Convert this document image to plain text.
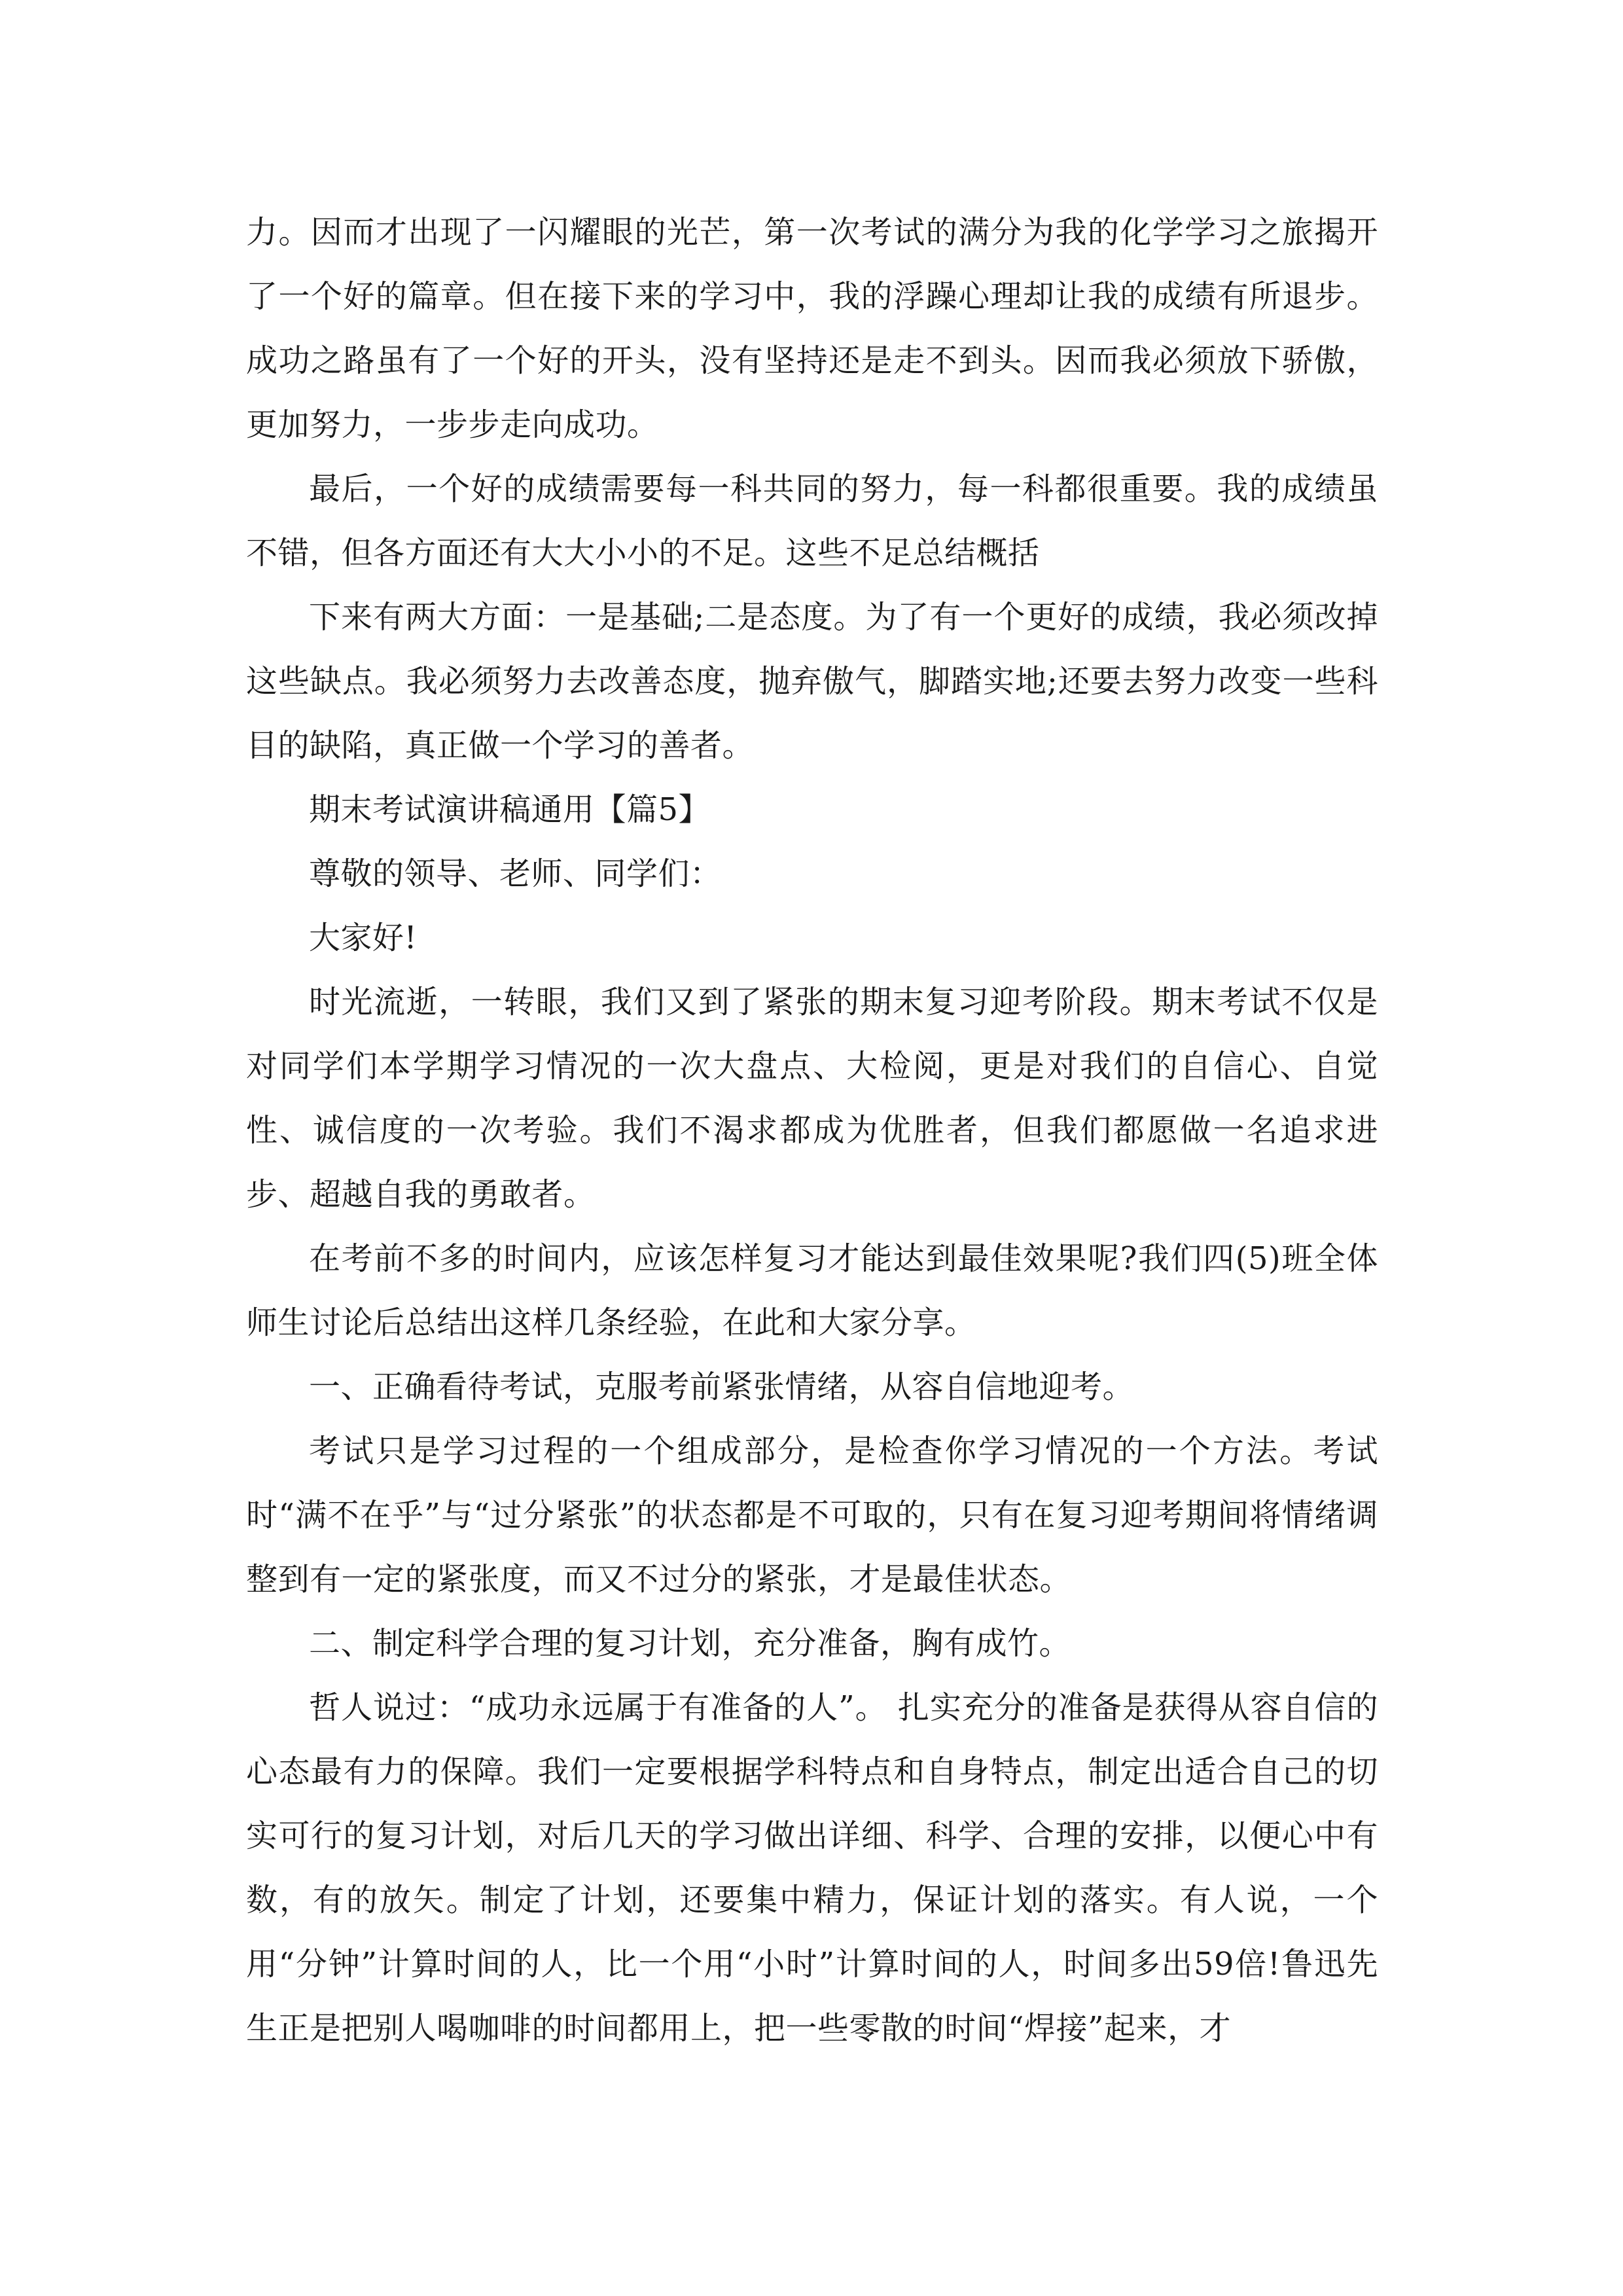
力。因而才出现了一闪耀眼的光芒，第一次考试的满分为我的化学学习之旅揭开了一个好的篇章。但在接下来的学习中，我的浮躁心理却让我的成绩有所退步。成功之路虽有了一个好的开头，没有坚持还是走不到头。因而我必须放下骄傲，更加努力，一步步走向成功。

最后，一个好的成绩需要每一科共同的努力，每一科都很重要。我的成绩虽不错，但各方面还有大大小小的不足。这些不足总结概括

下来有两大方面：一是基础;二是态度。为了有一个更好的成绩，我必须改掉这些缺点。我必须努力去改善态度，抛弃傲气，脚踏实地;还要去努力改变一些科目的缺陷，真正做一个学习的善者。

期末考试演讲稿通用【篇5】

尊敬的领导、老师、同学们：

大家好!

时光流逝，一转眼，我们又到了紧张的期末复习迎考阶段。期末考试不仅是对同学们本学期学习情况的一次大盘点、大检阅，更是对我们的自信心、自觉性、诚信度的一次考验。我们不渴求都成为优胜者，但我们都愿做一名追求进步、超越自我的勇敢者。

在考前不多的时间内，应该怎样复习才能达到最佳效果呢?我们四(5)班全体师生讨论后总结出这样几条经验，在此和大家分享。

一、正确看待考试，克服考前紧张情绪，从容自信地迎考。

考试只是学习过程的一个组成部分，是检查你学习情况的一个方法。考试时“满不在乎”与“过分紧张”的状态都是不可取的，只有在复习迎考期间将情绪调整到有一定的紧张度，而又不过分的紧张，才是最佳状态。

二、制定科学合理的复习计划，充分准备，胸有成竹。

哲人说过：“成功永远属于有准备的人”。 扎实充分的准备是获得从容自信的心态最有力的保障。我们一定要根据学科特点和自身特点，制定出适合自己的切实可行的复习计划，对后几天的学习做出详细、科学、合理的安排，以便心中有数，有的放矢。制定了计划，还要集中精力，保证计划的落实。有人说，一个用“分钟”计算时间的人，比一个用“小时”计算时间的人，时间多出59倍!鲁迅先生正是把别人喝咖啡的时间都用上，把一些零散的时间“焊接”起来，才
